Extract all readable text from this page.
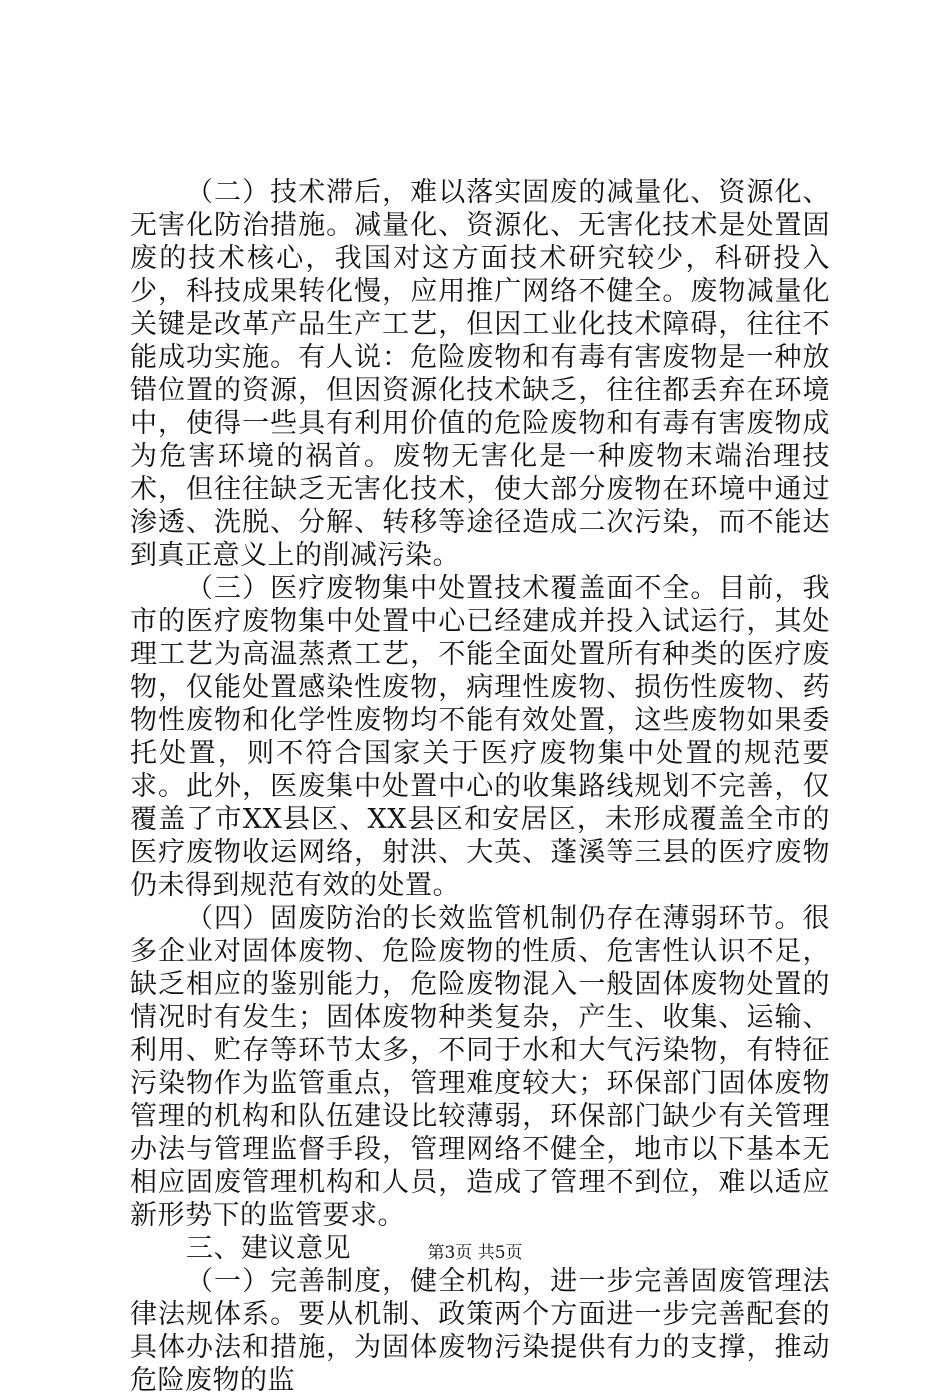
（二）技术滞后，难以落实固废的减量化、资源化、无害化防治措施。减量化、资源化、无害化技术是处置固废的技术核心，我国对这方面技术研究较少，科研投入少，科技成果转化慢，应用推广网络不健全。废物减量化关键是改革产品生产工艺，但因工业化技术障碍，往往不能成功实施。有人说：危险废物和有毒有害废物是一种放错位置的资源，但因资源化技术缺乏，往往都丢弃在环境中，使得一些具有利用价值的危险废物和有毒有害废物成为危害环境的祸首。废物无害化是一种废物末端治理技术，但往往缺乏无害化技术，使大部分废物在环境中通过渗透、洗脱、分解、转移等途径造成二次污染，而不能达到真正意义上的削减污染。

（三）医疗废物集中处置技术覆盖面不全。目前，我市的医疗废物集中处置中心已经建成并投入试运行，其处理工艺为高温蒸煮工艺，不能全面处置所有种类的医疗废物，仅能处置感染性废物，病理性废物、损伤性废物、药物性废物和化学性废物均不能有效处置，这些废物如果委托处置，则不符合国家关于医疗废物集中处置的规范要求。此外，医废集中处置中心的收集路线规划不完善，仅覆盖了市XX县区、XX县区和安居区，未形成覆盖全市的医疗废物收运网络，射洪、大英、蓬溪等三县的医疗废物仍未得到规范有效的处置。

（四）固废防治的长效监管机制仍存在薄弱环节。很多企业对固体废物、危险废物的性质、危害性认识不足，缺乏相应的鉴别能力，危险废物混入一般固体废物处置的情况时有发生；固体废物种类复杂，产生、收集、运输、利用、贮存等环节太多，不同于水和大气污染物，有特征污染物作为监管重点，管理难度较大；环保部门固体废物管理的机构和队伍建设比较薄弱，环保部门缺少有关管理办法与管理监督手段，管理网络不健全，地市以下基本无相应固废管理机构和人员，造成了管理不到位，难以适应新形势下的监管要求。

三、建议意见

（一）完善制度，健全机构，进一步完善固废管理法律法规体系。要从机制、政策两个方面进一步完善配套的具体办法和措施，为固体废物污染提供有力的支撑，推动危险废物的监

第3页 共5页
